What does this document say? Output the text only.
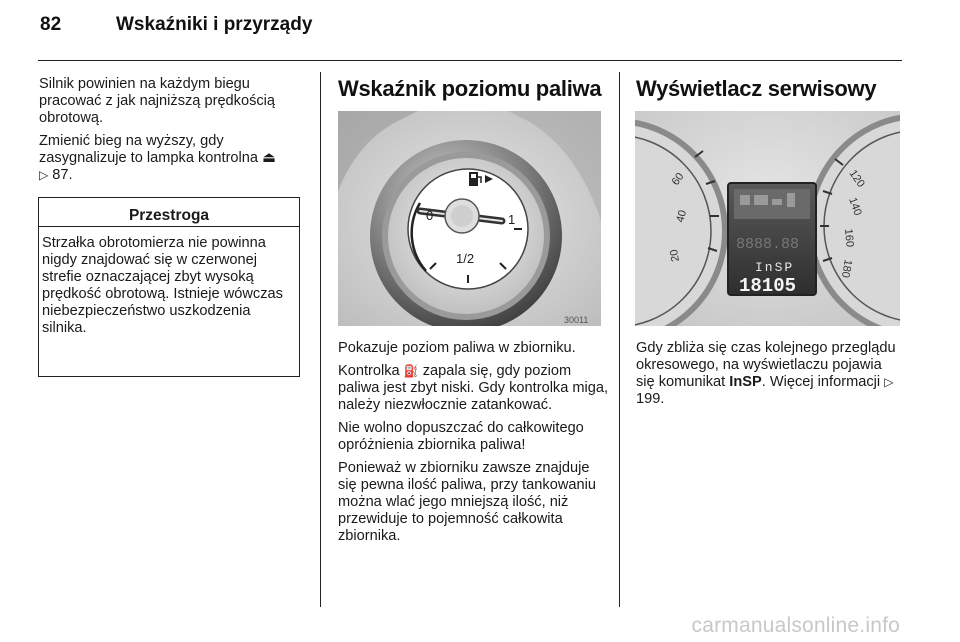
82	Wskaźniki i przyrządy

Silnik powinien na każdym biegu pracować z jak najniższą prędkością obrotową.

Zmienić bieg na wyższy, gdy zasygnalizuje to lampka kontrolna ⏏
▷ 87.

Przestroga
Strzałka obrotomierza nie powinna nigdy znajdować się w czerwonej strefie oznaczającej zbyt wysoką prędkość obrotową. Istnieje wówczas niebezpieczeństwo uszkodzenia silnika.
Wskaźnik poziomu paliwa
1
0
1/2
30011

Pokazuje poziom paliwa w zbiorniku.

Kontrolka ⛽ zapala się, gdy poziom paliwa jest zbyt niski. Gdy kontrolka miga, należy niezwłocznie zatankować.

Nie wolno dopuszczać do całkowitego opróżnienia zbiornika paliwa!

Ponieważ w zbiorniku zawsze znajduje się pewna ilość paliwa, przy tankowaniu można wlać jego mniejszą ilość, niż przewiduje to pojemność całkowita zbiornika.

Wyświetlacz serwisowy
60
40
20
120
140
160
180
8888.88
InSP
18105

Gdy zbliża się czas kolejnego przeglądu okresowego, na wyświetlaczu pojawia się komunikat InSP. Więcej informacji ▷ 199.

carmanualsonline.info
